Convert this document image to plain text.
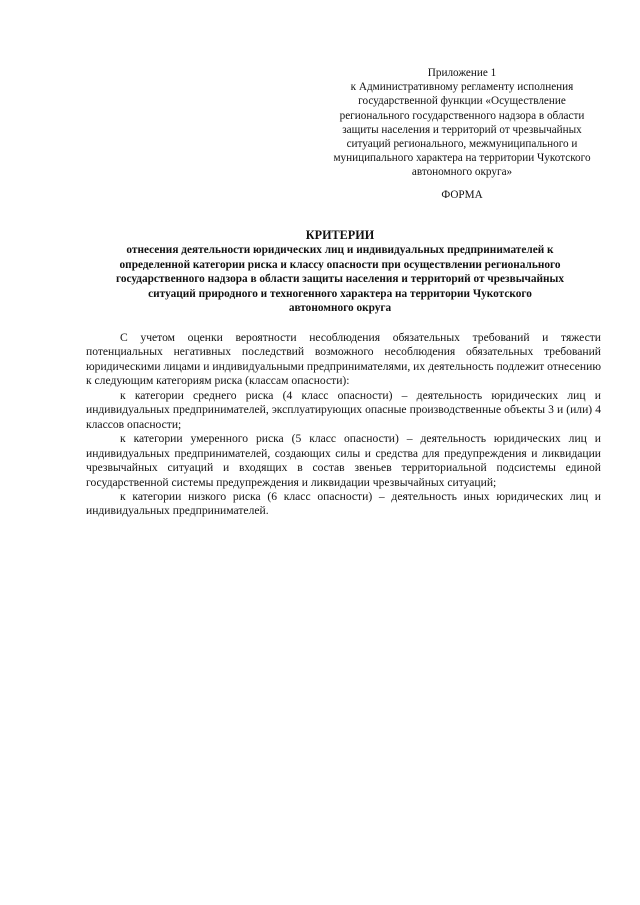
Приложение 1
к Административному регламенту исполнения
государственной функции «Осуществление
регионального государственного надзора в области
защиты населения и территорий от чрезвычайных
ситуаций регионального, межмуниципального и
муниципального характера на территории Чукотского
автономного округа»
ФОРМА
КРИТЕРИИ
отнесения деятельности юридических лиц и индивидуальных предпринимателей к
определенной категории риска и классу опасности при осуществлении регионального
государственного надзора в области защиты населения и территорий от чрезвычайных
ситуаций природного и техногенного характера на территории Чукотского
автономного округа

С учетом оценки вероятности несоблюдения обязательных требований и тяжести потенциальных негативных последствий возможного несоблюдения обязательных требований юридическими лицами и индивидуальными предпринимателями, их деятельность подлежит отнесению к следующим категориям риска (классам опасности):

к категории среднего риска (4 класс опасности) – деятельность юридических лиц и индивидуальных предпринимателей, эксплуатирующих опасные производственные объекты 3 и (или) 4 классов опасности;

к категории умеренного риска (5 класс опасности) – деятельность юридических лиц и индивидуальных предпринимателей, создающих силы и средства для предупреждения и ликвидации чрезвычайных ситуаций и входящих в состав звеньев территориальной подсистемы единой государственной системы предупреждения и ликвидации чрезвычайных ситуаций;

к категории низкого риска (6 класс опасности) – деятельность иных юридических лиц и индивидуальных предпринимателей.
